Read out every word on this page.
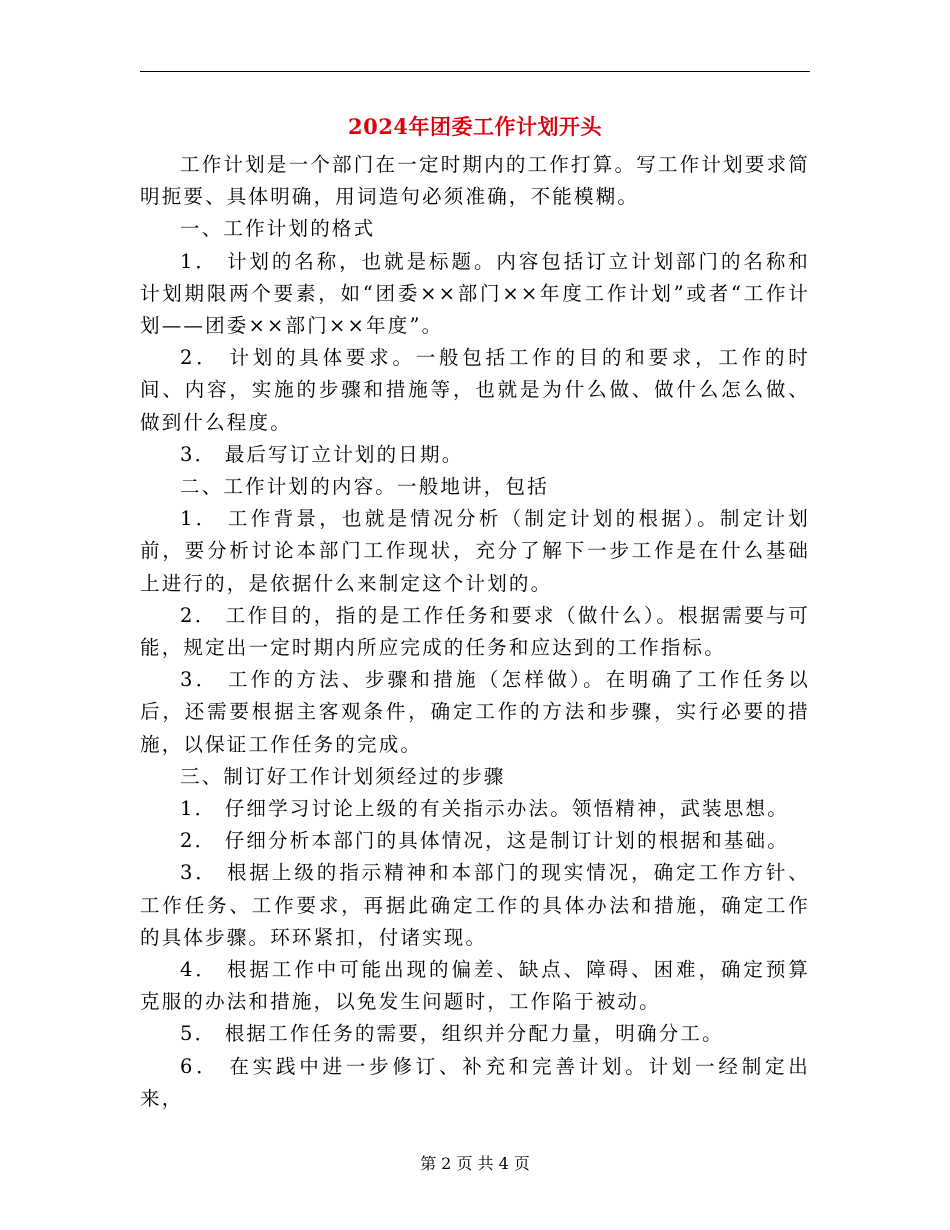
2024年团委工作计划开头

工作计划是一个部门在一定时期内的工作打算。写工作计划要求简明扼要、具体明确，用词造句必须准确，不能模糊。

一、工作计划的格式

1． 计划的名称，也就是标题。内容包括订立计划部门的名称和计划期限两个要素，如“团委××部门××年度工作计划”或者“工作计划——团委××部门××年度”。

2． 计划的具体要求。一般包括工作的目的和要求，工作的时间、内容，实施的步骤和措施等，也就是为什么做、做什么怎么做、做到什么程度。

3． 最后写订立计划的日期。

二、工作计划的内容。一般地讲，包括

1． 工作背景，也就是情况分析（制定计划的根据）。制定计划前，要分析讨论本部门工作现状，充分了解下一步工作是在什么基础上进行的，是依据什么来制定这个计划的。

2． 工作目的，指的是工作任务和要求（做什么）。根据需要与可能，规定出一定时期内所应完成的任务和应达到的工作指标。

3． 工作的方法、步骤和措施（怎样做）。在明确了工作任务以后，还需要根据主客观条件，确定工作的方法和步骤，实行必要的措施，以保证工作任务的完成。

三、制订好工作计划须经过的步骤

1． 仔细学习讨论上级的有关指示办法。领悟精神，武装思想。

2． 仔细分析本部门的具体情况，这是制订计划的根据和基础。

3． 根据上级的指示精神和本部门的现实情况，确定工作方针、工作任务、工作要求，再据此确定工作的具体办法和措施，确定工作的具体步骤。环环紧扣，付诸实现。

4． 根据工作中可能出现的偏差、缺点、障碍、困难，确定预算克服的办法和措施，以免发生问题时，工作陷于被动。

5． 根据工作任务的需要，组织并分配力量，明确分工。

6． 在实践中进一步修订、补充和完善计划。计划一经制定出来，

第 2 页 共 4 页
